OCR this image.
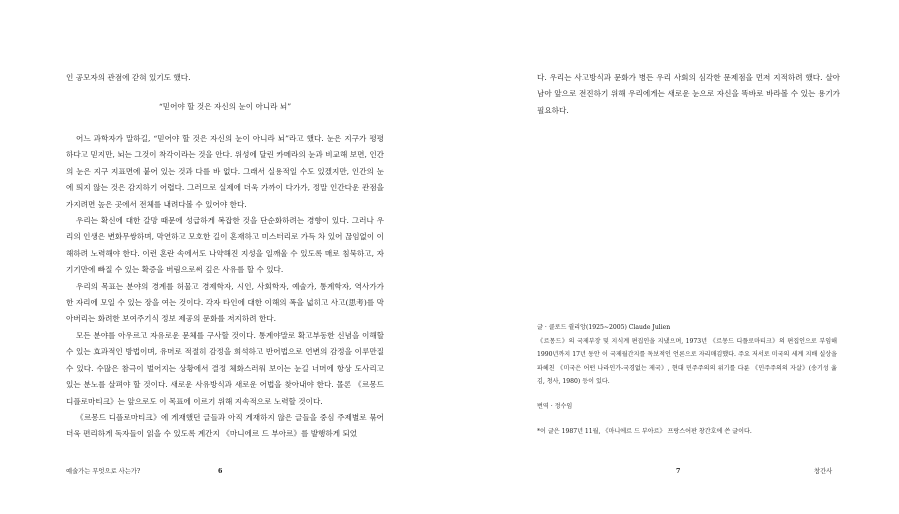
인 공모자의 관점에 갇혀 있기도 했다.

“믿어야 할 것은 자신의 눈이 아니라 뇌”

어느 과학자가 말하길, “믿어야 할 것은 자신의 눈이 아니라 뇌”라고 했다. 눈은 지구가 평평하다고 믿지만, 뇌는 그것이 착각이라는 것을 안다. 위성에 달린 카메라의 눈과 비교해 보면, 인간의 눈은 지구 지표면에 붙어 있는 것과 다를 바 없다. 그래서 실용적일 수도 있겠지만, 인간의 눈에 띄지 않는 것은 감지하기 어렵다. 그러므로 실제에 더욱 가까이 다가가, 정말 인간다운 관점을 가지려면 높은 곳에서 전체를 내려다볼 수 있어야 한다.

우리는 확신에 대한 갈망 때문에 성급하게 복잡한 것을 단순화하려는 경향이 있다. 그러나 우리의 인생은 변화무쌍하며, 막연하고 모호한 길이 혼재하고 미스터리로 가득 차 있어 끊임없이 이해하려 노력해야 한다. 이런 혼란 속에서도 나약해진 지성을 일깨울 수 있도록 매로 침묵하고, 자기기만에 빠질 수 있는 확증을 버림으로써 깊은 사유를 할 수 있다.

우리의 목표는 분야의 경계를 허물고 경제학자, 시인, 사회학자, 예술가, 통계학자, 역사가가 한 자리에 모일 수 있는 장을 여는 것이다. 각자 타인에 대한 이해의 폭을 넓히고 사고(思考)를 막아버리는 화려한 보여주기식 정보 제공의 문화를 저지하려 한다.

모든 분야를 아우르고 자유로운 문체를 구사할 것이다. 통계야말로 확고부동한 신념을 이해할 수 있는 효과적인 방법이며, 유머로 적절히 감정을 희석하고 반어법으로 언변의 감정을 이루만질 수 있다. 수많은 참극이 벌어지는 상황에서 결정 체화스러워 보이는 눈길 너머에 항상 도사리고 있는 분노를 살펴야 할 것이다. 새로운 사유방식과 새로운 어법을 찾아내야 한다. 몰론 《르몽드 디플로마티크》는 앞으로도 이 목표에 이르기 위해 지속적으로 노력할 것이다.

《르몽드 디플로마티크》에 게재했던 글들과 아직 게재하지 않은 글들을 중심 주제별로 묶어 더욱 편리하게 독자들이 읽을 수 있도록 계간지 《마니에르 드 부아르》를 발행하게 되었

예술가는 무엇으로 사는가?	6

다. 우리는 사고방식과 문화가 병든 우리 사회의 심각한 문제점을 먼저 지적하려 했다. 살아남아 앞으로 전진하기 위해 우리에게는 새로운 눈으로 자신을 똑바로 바라볼 수 있는 용기가 필요하다.

글 · 클로드 쥘리앙(1925~2005) Claude Julien

《르몽드》의 국제부장 및 지식계 편집인을 지냈으며, 1973년 《르몽드 디플로마티크》의 편집인으로 부임해 1990년까지 17년 동안 이 국제월간지를 독보적인 언론으로 자리매김했다. 주요 저서로 미국의 세계 지배 실상을 파헤친 《미국은 어떤 나라인가-국경없는 제국》, 현대 민주주의의 위기를 다룬 《민주주의의 자살》(송기성 옮김, 청사, 1980) 등이 있다.

번역 · 정수임

*이 글은 1987년 11월, 《마니에르 드 부아르》 프랑스어판 창간호에 쓴 글이다.

7	창간사
